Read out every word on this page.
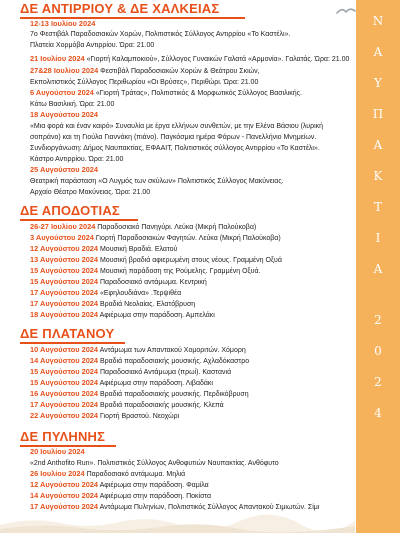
ΔΕ ΑΝΤΙΡΡΙΟΥ & ΔΕ ΧΑΛΚΕΙΑΣ
12-13 Ιουλίου 2024
7ο Φεστιβάλ Παραδοσιακών Χορών, Πολιτιστικός Σύλλογος Αντιρρίου «Το Καστέλι».
Πλατεία Χορμόβα Αντιρρίου. Ώρα: 21.00
21 Ιουλίου 2024 «Γιορτή Καλαμποκιού», Σύλλογος Γυναικών Γαλατά «Αρμονία». Γαλατάς. Ώρα: 21.00
27&28 Ιουλίου 2024 Φεστιβάλ Παραδοσιακών Χορών & Θεάτρου Σκιών,
Εκπολιτιστικός Σύλλογος Περιθωρίου «Οι Βρύσες», Περιθώρι. Ώρα: 21.00
6 Αυγούστου 2024 «Γιορτή Τράτας», Πολιτιστικός & Μορφωτικός Σύλλογος Βασιλικής.
Κάτω Βασιλική. Ώρα: 21.00
18 Αυγούστου 2024
«Μια φορά και έναν καιρό» Συναυλία με έργα ελλήνων συνθετών, με την Ελένα Βάσιου (λυρική
σοπράνο) και τη Γιούλα Γιαννάκη (πιάνο). Παγκόσμια ημέρα Φάρων - Πανελλήνιο Μνημείων.
Συνδιοργάνωση: Δήμος Ναυπακτίας, ΕΦΑΑΙΤ, Πολιτιστικός σύλλογος Αντιρρίου «Το Καστέλι».
Κάστρο Αντιρρίου. Ώρα: 21.00
25 Αυγούστου 2024
Θεατρική παράσταση «Ο Λυγμός των σκύλων» Πολιτιστικός Σύλλογος Μακύνειας.
Αρχαίο Θέατρο Μακύνειας. Ώρα: 21.00
ΔΕ ΑΠΟΔΟΤΙΑΣ
26-27 Ιουλίου 2024 Παραδοσιακό Πανηγύρι. Λεύκα (Μικρή Παλούκοβα)
3 Αυγούστου 2024 Γιορτή Παραδοσιακών Φαγητών. Λεύκα (Μικρή Παλούκοβα)
12 Αυγούστου 2024 Μουσική Βραδιά. Ελατού
13 Αυγούστου 2024 Μουσική βραδιά αφιερωμένη στους νέους. Γραμμένη Οξυά
15 Αυγούστου 2024 Μουσική παράδοση της Ρούμελης. Γραμμένη Οξυά.
15 Αυγούστου 2024 Παραδοσιακό αντάμωμα. Κεντρική
17 Αυγούστου 2024 «Εφηλουδιάνα» .Τερψιθέα
17 Αυγούστου 2024 Βραδιά Νεολαίας. Ελατόβρυση
18 Αυγούστου 2024 Αφιέρωμα στην παράδοση. Αμπελάκι
ΔΕ ΠΛΑΤΑΝΟΥ
10 Αυγούστου 2024 Αντάμωμα των Απαντακού Χομοριτών. Χόμορη
14 Αυγούστου 2024 Βραδιά παραδοσιακής μουσικής. Αχλαδόκαστρο
15 Αυγούστου 2024 Παραδοσιακό Αντάμωμα (πρωί). Καστανιά
15 Αυγούστου 2024 Αφιέρωμα στην παράδοση. Λιβαδάκι
16 Αυγούστου 2024 Βραδιά παραδοσιακής μουσικής. Περδικόβρυση
17 Αυγούστου 2024 Βραδιά παραδοσιακής μουσικής. Κλεπά
22 Αυγούστου 2024 Γιορτή Βραστού. Νεοχώρι
ΔΕ ΠΥΛΗΝΗΣ
20 Ιουλίου 2024
«2nd Anthofito Run». Πολιτιστικός Σύλλογος Ανθοφυτιών Ναυπακτίας. Ανθόφυτο
26 Ιουλίου 2024 Παραδοσιακό αντάμωμα. Μηλιά
12 Αυγούστου 2024 Αφιέρωμα στην παράδοση. Φαμίλα
14 Αυγούστου 2024 Αφιέρωμα στην παράδοση. Ποκίστα
17 Αυγούστου 2024 Αντάμωμα Πυληνίων, Πολιτιστικός Σύλλογος Απαντακού Σιμιωτών. Σίμι
Ν
Α
Υ
Π
Α
Κ
Τ
Ι
Α
2
0
2
4
